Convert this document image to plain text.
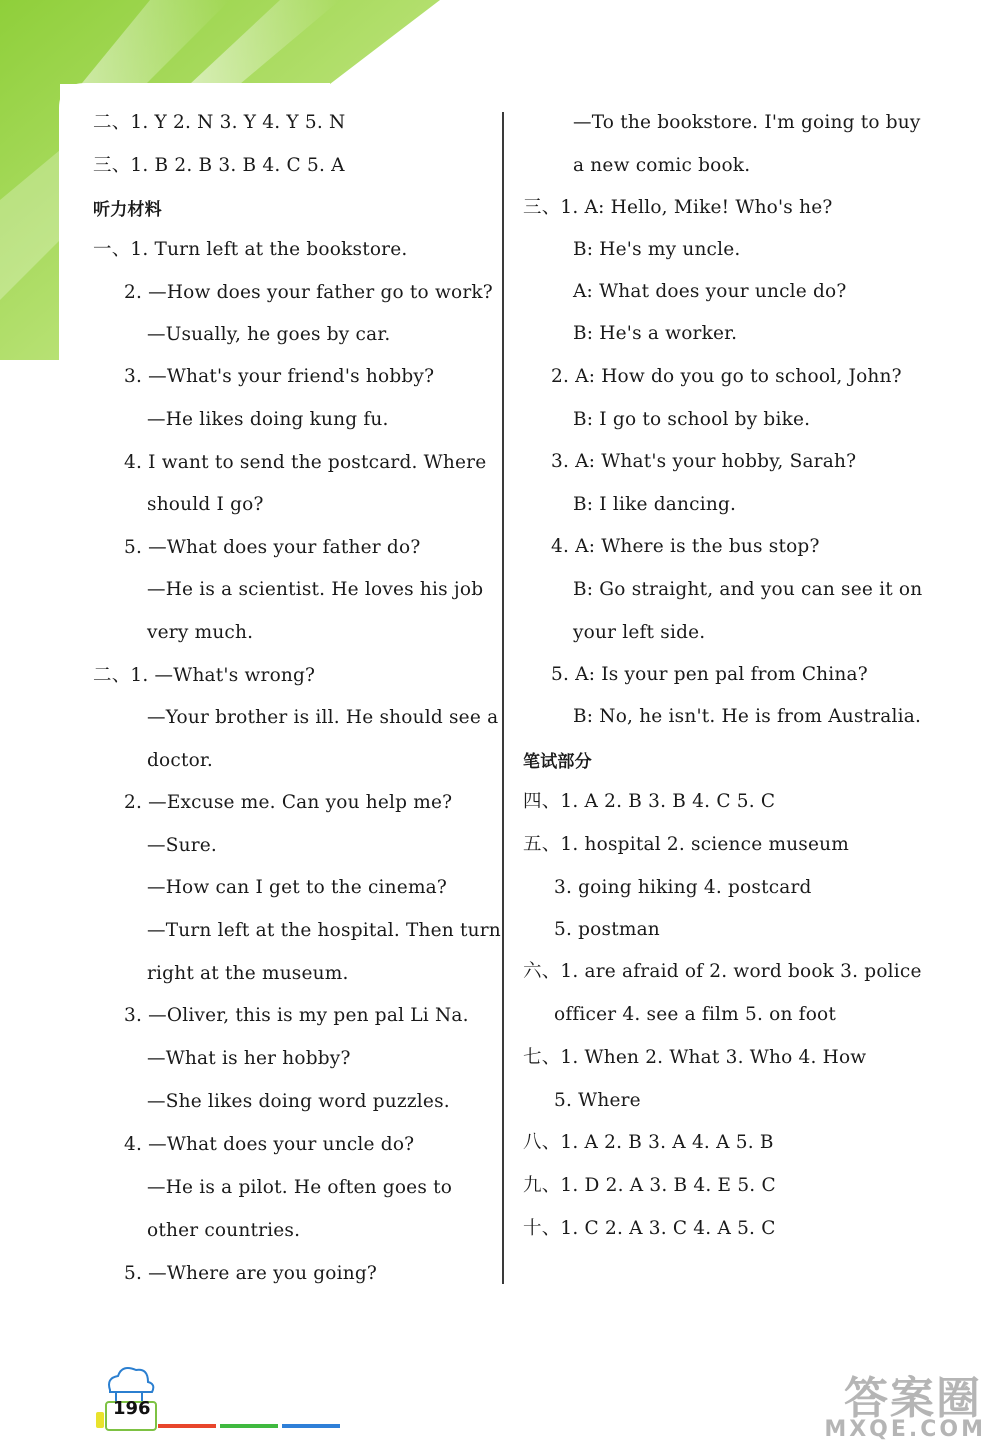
二、1. Y 2. N 3. Y 4. Y 5. N
三、1. B 2. B 3. B 4. C 5. A
听力材料
一、1. Turn left at the bookstore.
2. —How does your father go to work?
—Usually, he goes by car.
3. —What's your friend's hobby?
—He likes doing kung fu.
4. I want to send the postcard. Where
should I go?
5. —What does your father do?
—He is a scientist. He loves his job
very much.
二、1. —What's wrong?
—Your brother is ill. He should see a
doctor.
2. —Excuse me. Can you help me?
—Sure.
—How can I get to the cinema?
—Turn left at the hospital. Then turn
right at the museum.
3. —Oliver, this is my pen pal Li Na.
—What is her hobby?
—She likes doing word puzzles.
4. —What does your uncle do?
—He is a pilot. He often goes to
other countries.
5. —Where are you going?
—To the bookstore. I'm going to buy
a new comic book.
三、1. A: Hello, Mike! Who's he?
B: He's my uncle.
A: What does your uncle do?
B: He's a worker.
2. A: How do you go to school, John?
B: I go to school by bike.
3. A: What's your hobby, Sarah?
B: I like dancing.
4. A: Where is the bus stop?
B: Go straight, and you can see it on
your left side.
5. A: Is your pen pal from China?
B: No, he isn't. He is from Australia.
笔试部分
四、1. A 2. B 3. B 4. C 5. C
五、1. hospital 2. science museum
3. going hiking 4. postcard
5. postman
六、1. are afraid of 2. word book 3. police
officer 4. see a film 5. on foot
七、1. When 2. What 3. Who 4. How
5. Where
八、1. A 2. B 3. A 4. A 5. B
九、1. D 2. A 3. B 4. E 5. C
十、1. C 2. A 3. C 4. A 5. C
196	答案圈
MXQE.COM
